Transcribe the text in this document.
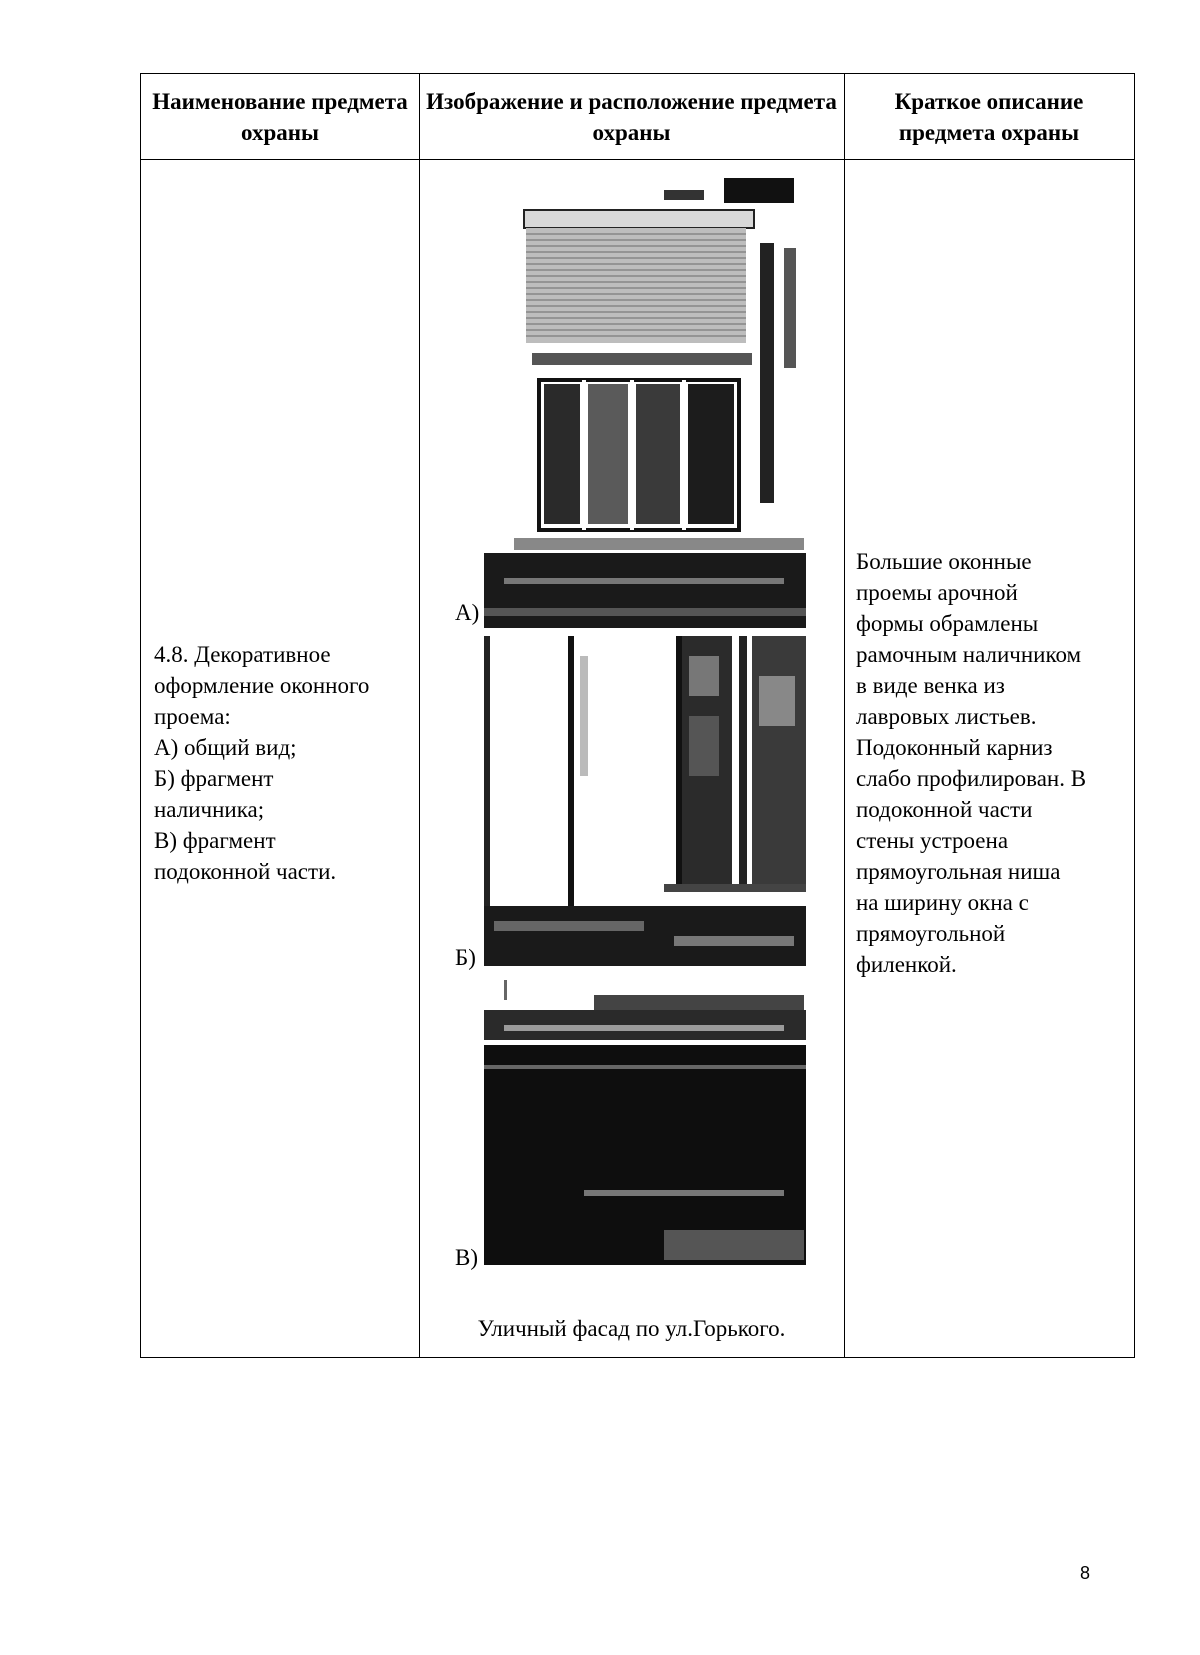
Наименование предмета охраны
Изображение и расположение предмета охраны
Краткое описание предмета охраны
4.8. Декоративное
оформление оконного
проема:
А) общий вид;
Б) фрагмент
наличника;
В) фрагмент
подоконной части.
А)
Б)
В)
Уличный фасад по ул.Горького.
Большие оконные
проемы арочной
формы обрамлены
рамочным наличником
в виде венка из
лавровых листьев.
Подоконный карниз
слабо профилирован. В
подоконной части
стены устроена
прямоугольная ниша
на ширину окна с
прямоугольной
филенкой.
8
